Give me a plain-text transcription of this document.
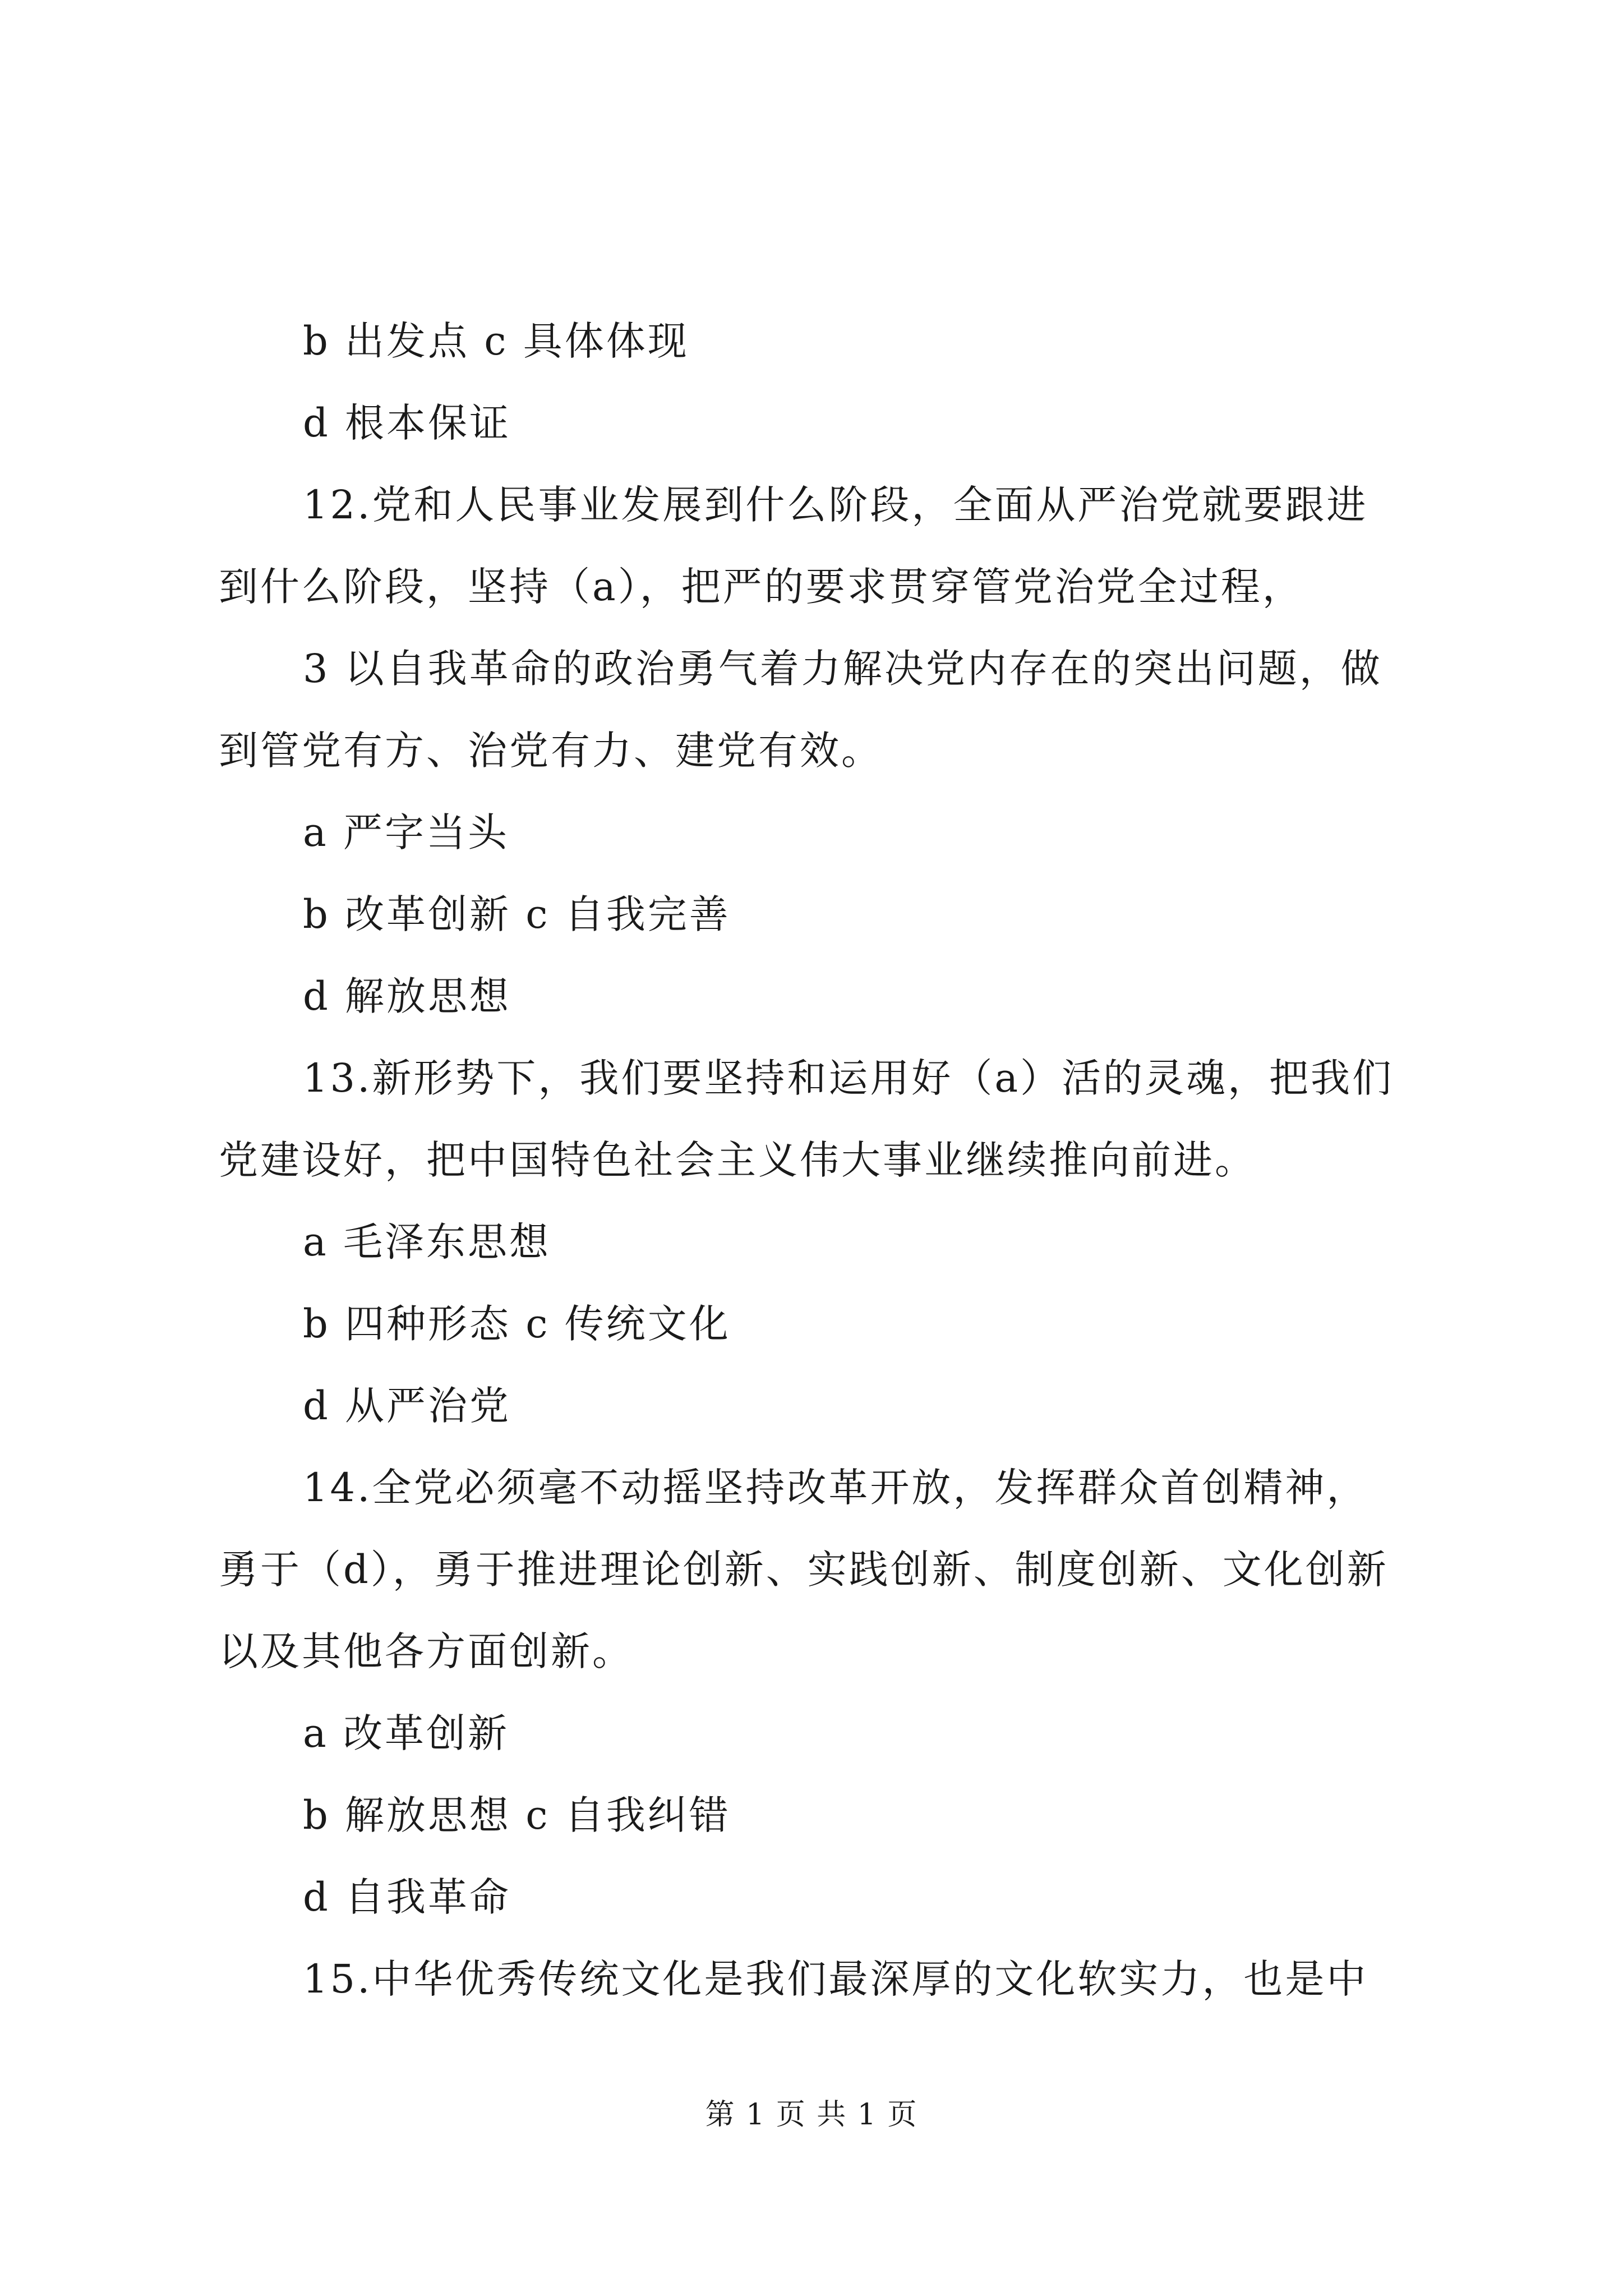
b 出发点 c 具体体现
d 根本保证
12.党和人民事业发展到什么阶段，全面从严治党就要跟进
到什么阶段，坚持（a），把严的要求贯穿管党治党全过程，
3 以自我革命的政治勇气着力解决党内存在的突出问题，做
到管党有方、治党有力、建党有效。
a 严字当头
b 改革创新 c 自我完善
d 解放思想
13.新形势下，我们要坚持和运用好（a）活的灵魂，把我们
党建设好，把中国特色社会主义伟大事业继续推向前进。
a 毛泽东思想
b 四种形态 c 传统文化
d 从严治党
14.全党必须毫不动摇坚持改革开放，发挥群众首创精神，
勇于（d），勇于推进理论创新、实践创新、制度创新、文化创新
以及其他各方面创新。
a 改革创新
b 解放思想 c 自我纠错
d 自我革命
15.中华优秀传统文化是我们最深厚的文化软实力，也是中
第 1 页 共 1 页
